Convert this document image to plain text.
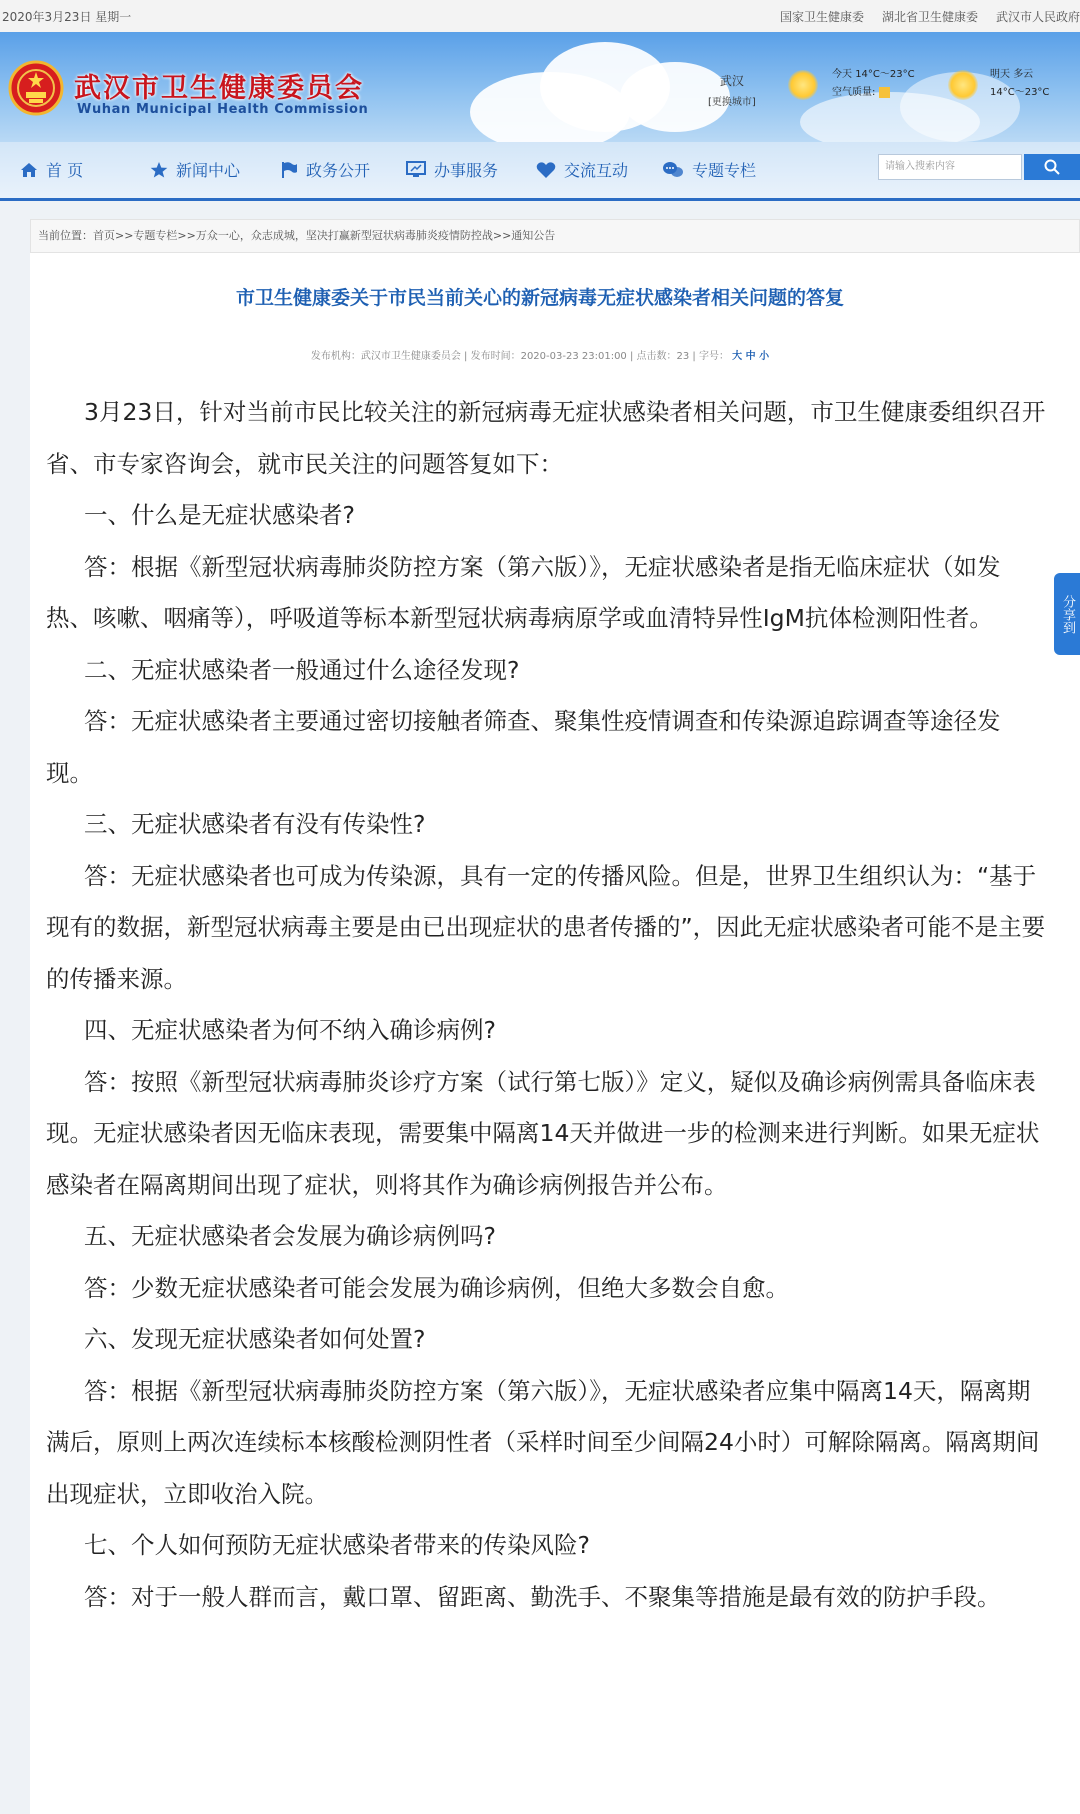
2020年3月23日 星期一	国家卫生健康委 湖北省卫生健康委 武汉市人民政府
武汉市卫生健康委员会
Wuhan Municipal Health Commission
武汉
[更换城市]
今天 14°C～23°C
空气质量:
明天 多云
14°C～23°C
首 页	新闻中心	政务公开	办事服务	交流互动	专题专栏	请输入搜索内容
当前位置：首页>>专题专栏>>万众一心，众志成城，坚决打赢新型冠状病毒肺炎疫情防控战>>通知公告
市卫生健康委关于市民当前关心的新冠病毒无症状感染者相关问题的答复
发布机构：武汉市卫生健康委员会 | 发布时间：2020-03-23 23:01:00 | 点击数：23 | 字号： 大 中 小

3月23日，针对当前市民比较关注的新冠病毒无症状感染者相关问题，市卫生健康委组织召开省、市专家咨询会，就市民关注的问题答复如下：

一、什么是无症状感染者?

答：根据《新型冠状病毒肺炎防控方案（第六版）》，无症状感染者是指无临床症状（如发热、咳嗽、咽痛等），呼吸道等标本新型冠状病毒病原学或血清特异性IgM抗体检测阳性者。

二、无症状感染者一般通过什么途径发现?

答：无症状感染者主要通过密切接触者筛查、聚集性疫情调查和传染源追踪调查等途径发现。

三、无症状感染者有没有传染性?

答：无症状感染者也可成为传染源，具有一定的传播风险。但是，世界卫生组织认为：“基于现有的数据，新型冠状病毒主要是由已出现症状的患者传播的”，因此无症状感染者可能不是主要的传播来源。

四、无症状感染者为何不纳入确诊病例?

答：按照《新型冠状病毒肺炎诊疗方案（试行第七版）》定义，疑似及确诊病例需具备临床表现。无症状感染者因无临床表现，需要集中隔离14天并做进一步的检测来进行判断。如果无症状感染者在隔离期间出现了症状，则将其作为确诊病例报告并公布。

五、无症状感染者会发展为确诊病例吗?

答：少数无症状感染者可能会发展为确诊病例，但绝大多数会自愈。

六、发现无症状感染者如何处置?

答：根据《新型冠状病毒肺炎防控方案（第六版）》，无症状感染者应集中隔离14天，隔离期满后，原则上两次连续标本核酸检测阴性者（采样时间至少间隔24小时）可解除隔离。隔离期间出现症状，立即收治入院。

七、个人如何预防无症状感染者带来的传染风险?

答：对于一般人群而言，戴口罩、留距离、勤洗手、不聚集等措施是最有效的防护手段。

分享到
